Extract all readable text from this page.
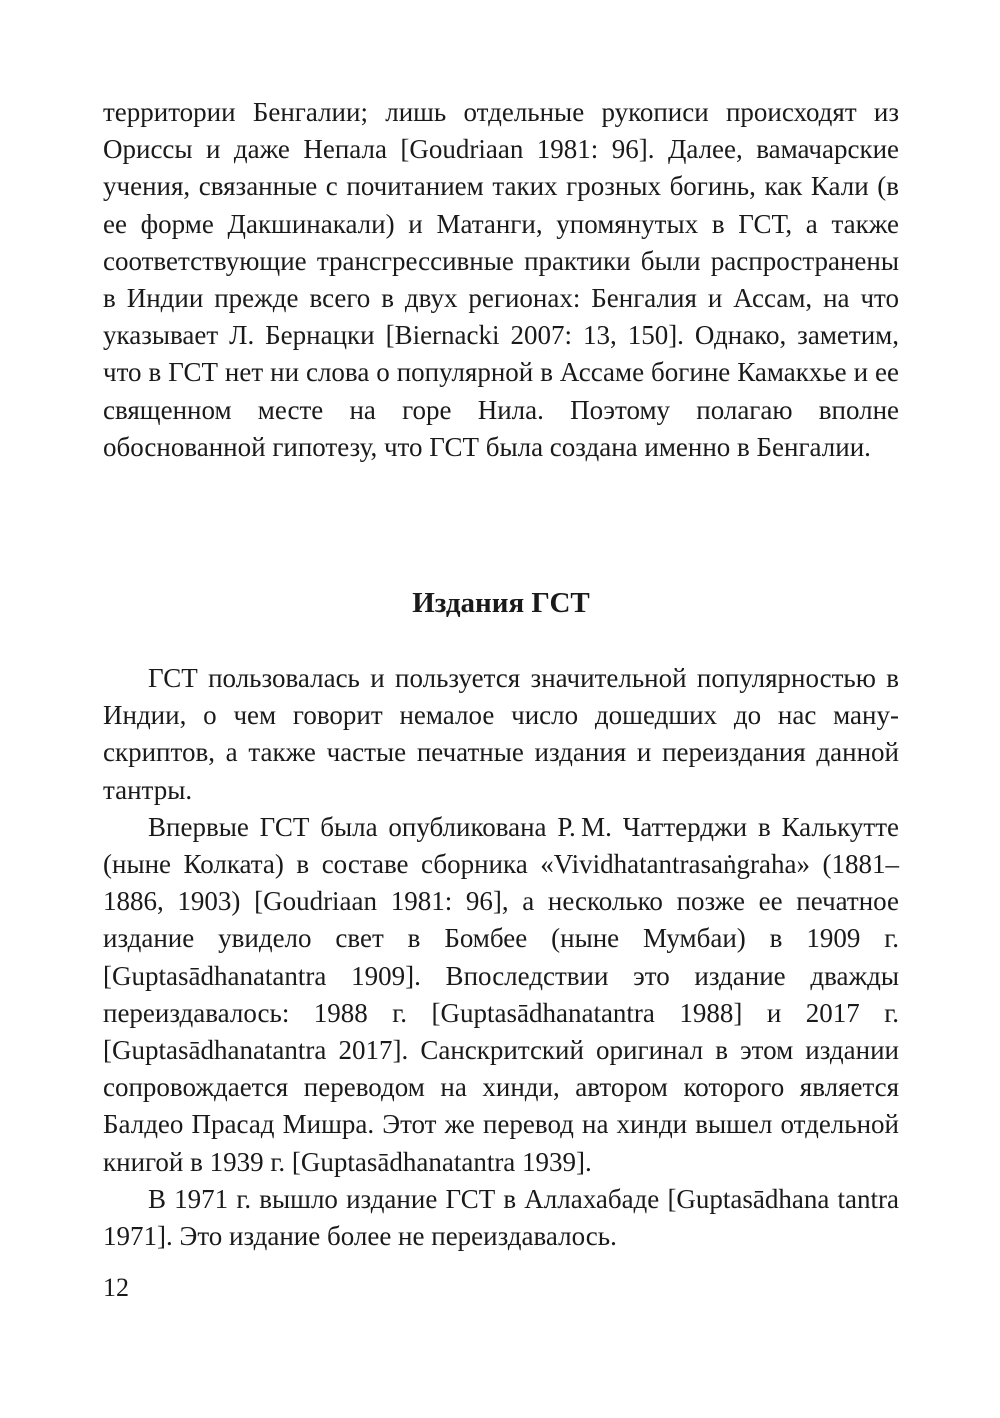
территории Бенгалии; лишь отдельные рукописи происходят из Ориссы и даже Непала [Goudriaan 1981: 96]. Далее, вамачарские учения, связанные с почитанием таких грозных богинь, как Кали (в ее форме Дакшинакали) и Матанги, упомянутых в ГСТ, а также соответствующие трансгрессивные практики были распространены в Индии прежде всего в двух регионах: Бенгалия и Ассам, на что указывает Л. Бернацки [Biernacki 2007: 13, 150]. Однако, заметим, что в ГСТ нет ни слова о популярной в Ассаме богине Камакхье и ее священном месте на горе Нила. Поэтому полагаю вполне обоснованной гипотезу, что ГСТ была создана именно в Бенгалии.

Издания ГСТ

ГСТ пользовалась и пользуется значительной популярностью в Индии, о чем говорит немалое число дошедших до нас манускриптов, а также частые печатные издания и переиздания данной тантры.

Впервые ГСТ была опубликована Р. М. Чаттерджи в Калькутте (ныне Колката) в составе сборника «Vividhatantrasaṅgraha» (1881–1886, 1903) [Goudriaan 1981: 96], а несколько позже ее печатное издание увидело свет в Бомбее (ныне Мумбаи) в 1909 г. [Guptasādhanatantra 1909]. Впоследствии это издание дважды переиздавалось: 1988 г. [Guptasādhanatantra 1988] и 2017 г. [Guptasādhanatantra 2017]. Санскритский оригинал в этом издании сопровождается переводом на хинди, автором которого является Балдео Прасад Мишра. Этот же перевод на хинди вышел отдельной книгой в 1939 г. [Guptasādhanatantra 1939].

В 1971 г. вышло издание ГСТ в Аллахабаде [Guptasādhana tantra 1971]. Это издание более не переиздавалось.

12
